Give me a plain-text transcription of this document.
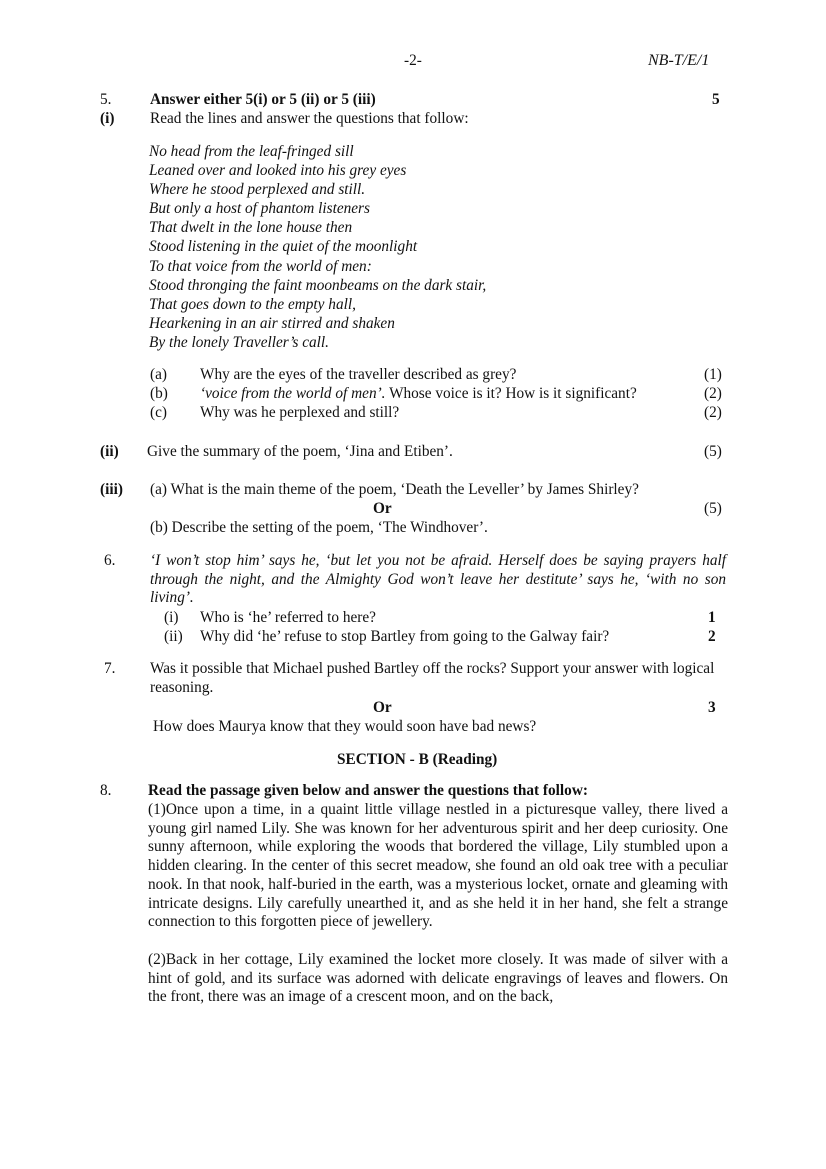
-2-	NB-T/E/1
5.	Answer either 5(i) or 5 (ii) or 5 (iii)	5
(i) Read the lines and answer the questions that follow:
No head from the leaf-fringed sill
Leaned over and looked into his grey eyes
Where he stood perplexed and still.
But only a host of phantom listeners
That dwelt in the lone house then
Stood listening in the quiet of the moonlight
To that voice from the world of men:
Stood thronging the faint moonbeams on the dark stair,
That goes down to the empty hall,
Hearkening in an air stirred and shaken
By the lonely Traveller’s call.
(a) Why are the eyes of the traveller described as grey?	(1)
(b) ‘voice from the world of men’. Whose voice is it? How is it significant?	(2)
(c) Why was he perplexed and still?	(2)
(ii) Give the summary of the poem, ‘Jina and Etiben’.	(5)
(iii) (a) What is the main theme of the poem, ‘Death the Leveller’ by James Shirley?
Or	(5)
(b) Describe the setting of the poem, ‘The Windhover’.
6. ‘I won’t stop him’ says he, ‘but let you not be afraid. Herself does be saying prayers half through the night, and the Almighty God won’t leave her destitute’ says he, ‘with no son living’.
(i) Who is ‘he’ referred to here?	1
(ii) Why did ‘he’ refuse to stop Bartley from going to the Galway fair?	2
7. Was it possible that Michael pushed Bartley off the rocks? Support your answer with logical reasoning.
Or	3
How does Maurya know that they would soon have bad news?
SECTION - B (Reading)
8. Read the passage given below and answer the questions that follow:
(1)Once upon a time, in a quaint little village nestled in a picturesque valley, there lived a young girl named Lily. She was known for her adventurous spirit and her deep curiosity. One sunny afternoon, while exploring the woods that bordered the village, Lily stumbled upon a hidden clearing. In the center of this secret meadow, she found an old oak tree with a peculiar nook. In that nook, half-buried in the earth, was a mysterious locket, ornate and gleaming with intricate designs. Lily carefully unearthed it, and as she held it in her hand, she felt a strange connection to this forgotten piece of jewellery.
(2)Back in her cottage, Lily examined the locket more closely. It was made of silver with a hint of gold, and its surface was adorned with delicate engravings of leaves and flowers. On the front, there was an image of a crescent moon, and on the back,
